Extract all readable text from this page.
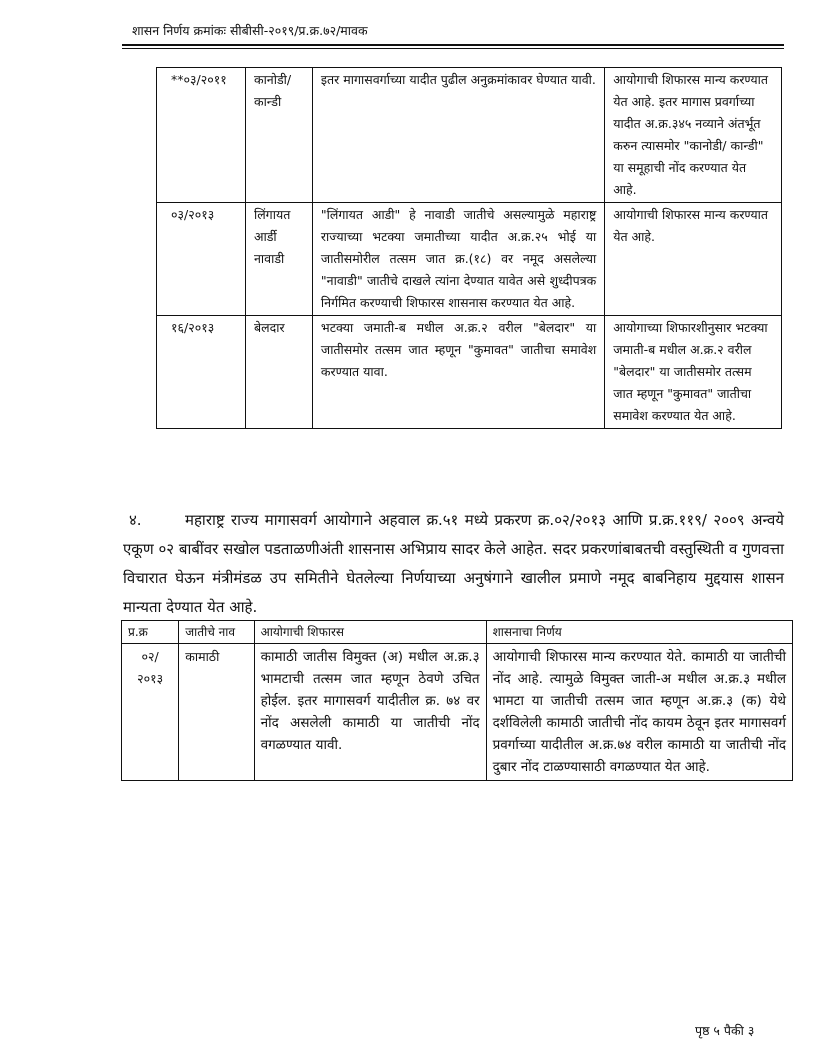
शासन निर्णय क्रमांकः सीबीसी-२०१९/प्र.क्र.७२/मावक
**०३/२०११	कानोडी/ कान्डी	इतर मागासवर्गाच्या यादीत पुढील अनुक्रमांकावर घेण्यात यावी.	आयोगाची शिफारस मान्य करण्यात येत आहे. इतर मागास प्रवर्गाच्या यादीत अ.क्र.३४५ नव्याने अंतर्भूत करुन त्यासमोर "कानोडी/ कान्डी" या समूहाची नोंद करण्यात येत आहे.
०३/२०१३	लिंगायत आर्डी नावाडी	"लिंगायत आडी" हे नावाडी जातीचे असल्यामुळे महाराष्ट्र राज्याच्या भटक्या जमातीच्या यादीत अ.क्र.२५ भोई या जातीसमोरील तत्सम जात क्र.(१८) वर नमूद असलेल्या "नावाडी" जातीचे दाखले त्यांना देण्यात यावेत असे शुध्दीपत्रक निर्गमित करण्याची शिफारस शासनास करण्यात येत आहे.	आयोगाची शिफारस मान्य करण्यात येत आहे.
१६/२०१३	बेलदार	भटक्या जमाती-ब मधील अ.क्र.२ वरील "बेलदार" या जातीसमोर तत्सम जात म्हणून "कुमावत" जातीचा समावेश करण्यात यावा.	आयोगाच्या शिफारशीनुसार भटक्या जमाती-ब मधील अ.क्र.२ वरील "बेलदार" या जातीसमोर तत्सम जात म्हणून "कुमावत" जातीचा समावेश करण्यात येत आहे.
४.	महाराष्ट्र राज्य मागासवर्ग आयोगाने अहवाल क्र.५१ मध्ये प्रकरण क्र.०२/२०१३ आणि प्र.क्र.११९/ २००९ अन्वये एकूण ०२ बाबींवर सखोल पडताळणीअंती शासनास अभिप्राय सादर केले आहेत. सदर प्रकरणांबाबतची वस्तुस्थिती व गुणवत्ता विचारात घेऊन मंत्रीमंडळ उप समितीने घेतलेल्या निर्णयाच्या अनुषंगाने खालील प्रमाणे नमूद बाबनिहाय मुद्दयास शासन मान्यता देण्यात येत आहे.
प्र.क्र	जातीचे नाव	आयोगाची शिफारस	शासनाचा निर्णय
०२/ २०१३	कामाठी	कामाठी जातीस विमुक्त (अ) मधील अ.क्र.३ भामटाची तत्सम जात म्हणून ठेवणे उचित होईल. इतर मागासवर्ग यादीतील क्र. ७४ वर नोंद असलेली कामाठी या जातीची नोंद वगळण्यात यावी.	आयोगाची शिफारस मान्य करण्यात येते. कामाठी या जातीची नोंद आहे. त्यामुळे विमुक्त जाती-अ मधील अ.क्र.३ मधील भामटा या जातीची तत्सम जात म्हणून अ.क्र.३ (क) येथे दर्शविलेली कामाठी जातीची नोंद कायम ठेवून इतर मागासवर्ग प्रवर्गाच्या यादीतील अ.क्र.७४ वरील कामाठी या जातीची नोंद दुबार नोंद टाळण्यासाठी वगळण्यात येत आहे.
पृष्ठ ५ पैकी ३
